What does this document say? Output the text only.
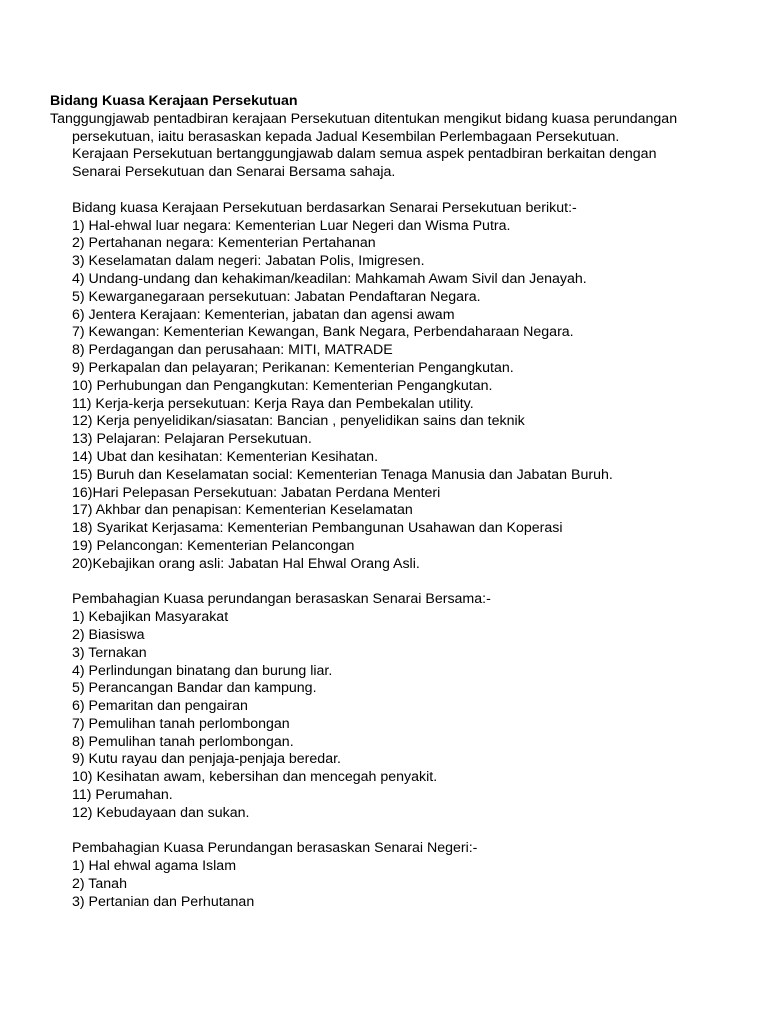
Bidang Kuasa Kerajaan Persekutuan
Tanggungjawab pentadbiran kerajaan Persekutuan ditentukan mengikut bidang kuasa perundangan
persekutuan, iaitu berasaskan kepada Jadual Kesembilan Perlembagaan Persekutuan.
Kerajaan Persekutuan bertanggungjawab dalam semua aspek pentadbiran berkaitan dengan
Senarai Persekutuan dan Senarai Bersama sahaja.
Bidang kuasa Kerajaan Persekutuan berdasarkan Senarai Persekutuan berikut:-
1) Hal-ehwal luar negara: Kementerian Luar Negeri dan Wisma Putra.
2) Pertahanan negara: Kementerian Pertahanan
3) Keselamatan dalam negeri: Jabatan Polis, Imigresen.
4) Undang-undang dan kehakiman/keadilan: Mahkamah Awam Sivil dan Jenayah.
5) Kewarganegaraan persekutuan: Jabatan Pendaftaran Negara.
6) Jentera Kerajaan: Kementerian, jabatan dan agensi awam
7) Kewangan: Kementerian Kewangan, Bank Negara, Perbendaharaan Negara.
8) Perdagangan dan perusahaan: MITI, MATRADE
9) Perkapalan dan pelayaran; Perikanan: Kementerian Pengangkutan.
10) Perhubungan dan Pengangkutan: Kementerian Pengangkutan.
11) Kerja-kerja persekutuan: Kerja Raya dan Pembekalan utility.
12) Kerja penyelidikan/siasatan: Bancian , penyelidikan sains dan teknik
13) Pelajaran: Pelajaran Persekutuan.
14) Ubat dan kesihatan: Kementerian Kesihatan.
15) Buruh dan Keselamatan social: Kementerian Tenaga Manusia dan Jabatan Buruh.
16)Hari Pelepasan Persekutuan: Jabatan Perdana Menteri
17) Akhbar dan penapisan: Kementerian Keselamatan
18) Syarikat Kerjasama: Kementerian Pembangunan Usahawan dan Koperasi
19) Pelancongan: Kementerian Pelancongan
20)Kebajikan orang asli: Jabatan Hal Ehwal Orang Asli.
Pembahagian Kuasa perundangan berasaskan Senarai Bersama:-
1) Kebajikan Masyarakat
2) Biasiswa
3) Ternakan
4) Perlindungan binatang dan burung liar.
5) Perancangan Bandar dan kampung.
6) Pemaritan dan pengairan
7) Pemulihan tanah perlombongan
8) Pemulihan tanah perlombongan.
9) Kutu rayau dan penjaja-penjaja beredar.
10) Kesihatan awam, kebersihan dan mencegah penyakit.
11) Perumahan.
12) Kebudayaan dan sukan.
Pembahagian Kuasa Perundangan berasaskan Senarai Negeri:-
1) Hal ehwal agama Islam
2) Tanah
3) Pertanian dan Perhutanan
